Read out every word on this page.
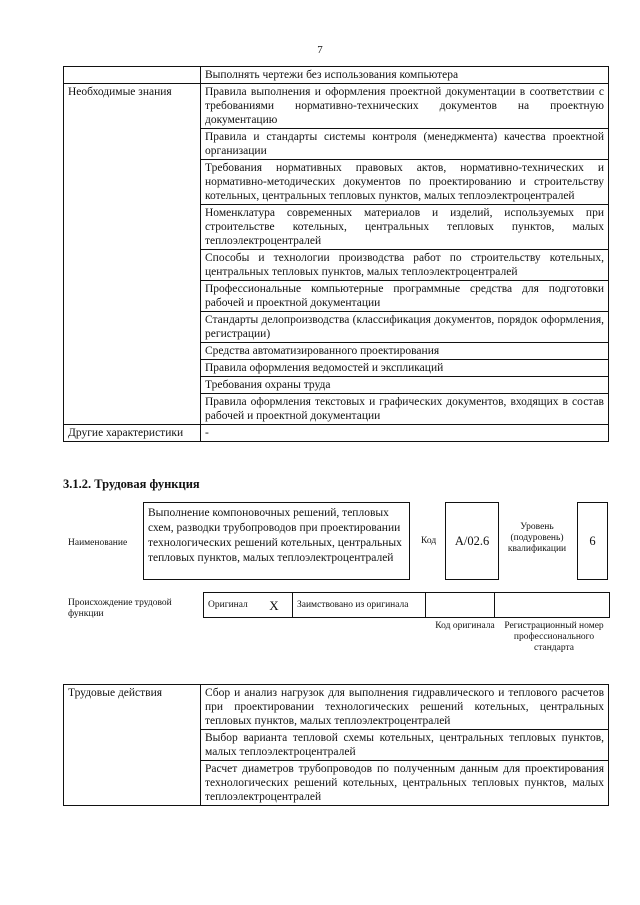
7
	Выполнять чертежи без использования компьютера
Необходимые знания	Правила выполнения и оформления проектной документации в соответствии с требованиями нормативно-технических документов на проектную документацию
	Правила и стандарты системы контроля (менеджмента) качества проектной организации
	Требования нормативных правовых актов, нормативно-технических и нормативно-методических документов по проектированию и строительству котельных, центральных тепловых пунктов, малых теплоэлектроцентралей
	Номенклатура современных материалов и изделий, используемых при строительстве котельных, центральных тепловых пунктов, малых теплоэлектроцентралей
	Способы и технологии производства работ по строительству котельных, центральных тепловых пунктов, малых теплоэлектроцентралей
	Профессиональные компьютерные программные средства для подготовки рабочей и проектной документации
	Стандарты делопроизводства (классификация документов, порядок оформления, регистрации)
	Средства автоматизированного проектирования
	Правила оформления ведомостей и экспликаций
	Требования охраны труда
	Правила оформления текстовых и графических документов, входящих в состав рабочей и проектной документации
Другие характеристики	-
3.1.2. Трудовая функция
Наименование
Выполнение компоновочных решений, тепловых схем, разводки трубопроводов при проектировании технологических решений котельных, центральных тепловых пунктов, малых теплоэлектроцентралей
Код	A/02.6
Уровень (подуровень) квалификации
6
Происхождение трудовой функции
Оригинал	X	Заимствовано из оригинала		
Код оригинала	Регистрационный номер профессионального стандарта
Трудовые действия	Сбор и анализ нагрузок для выполнения гидравлического и теплового расчетов при проектировании технологических решений котельных, центральных тепловых пунктов, малых теплоэлектроцентралей
Выбор варианта тепловой схемы котельных, центральных тепловых пунктов, малых теплоэлектроцентралей
Расчет диаметров трубопроводов по полученным данным для проектирования технологических решений котельных, центральных тепловых пунктов, малых теплоэлектроцентралей
